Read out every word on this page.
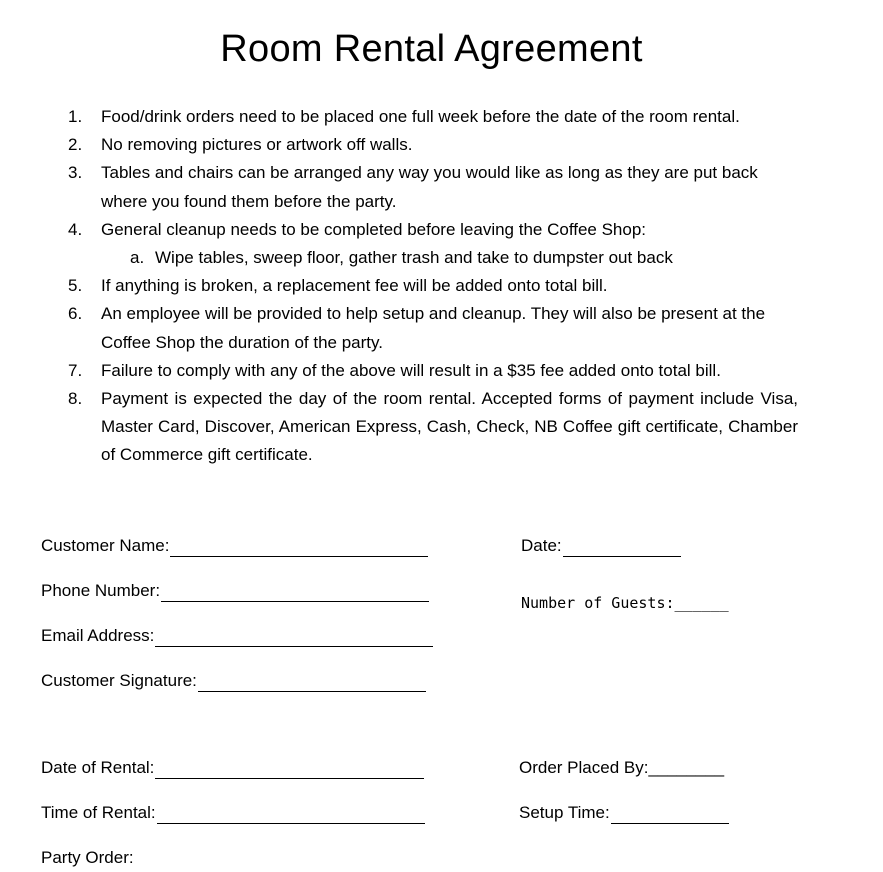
Room Rental Agreement
1. Food/drink orders need to be placed one full week before the date of the room rental.
2. No removing pictures or artwork off walls.
3. Tables and chairs can be arranged any way you would like as long as they are put back where you found them before the party.
4. General cleanup needs to be completed before leaving the Coffee Shop:
a. Wipe tables, sweep floor, gather trash and take to dumpster out back
5. If anything is broken, a replacement fee will be added onto total bill.
6. An employee will be provided to help setup and cleanup. They will also be present at the Coffee Shop the duration of the party.
7. Failure to comply with any of the above will result in a $35 fee added onto total bill.
8. Payment is expected the day of the room rental. Accepted forms of payment include Visa, Master Card, Discover, American Express, Cash, Check, NB Coffee gift certificate, Chamber of Commerce gift certificate.
Customer Name:
Phone Number:
Email Address:
Customer Signature:
Date of Rental:
Time of Rental:
Party Order:
Date:
Number of Guests:______
Order Placed By:________
Setup Time:
